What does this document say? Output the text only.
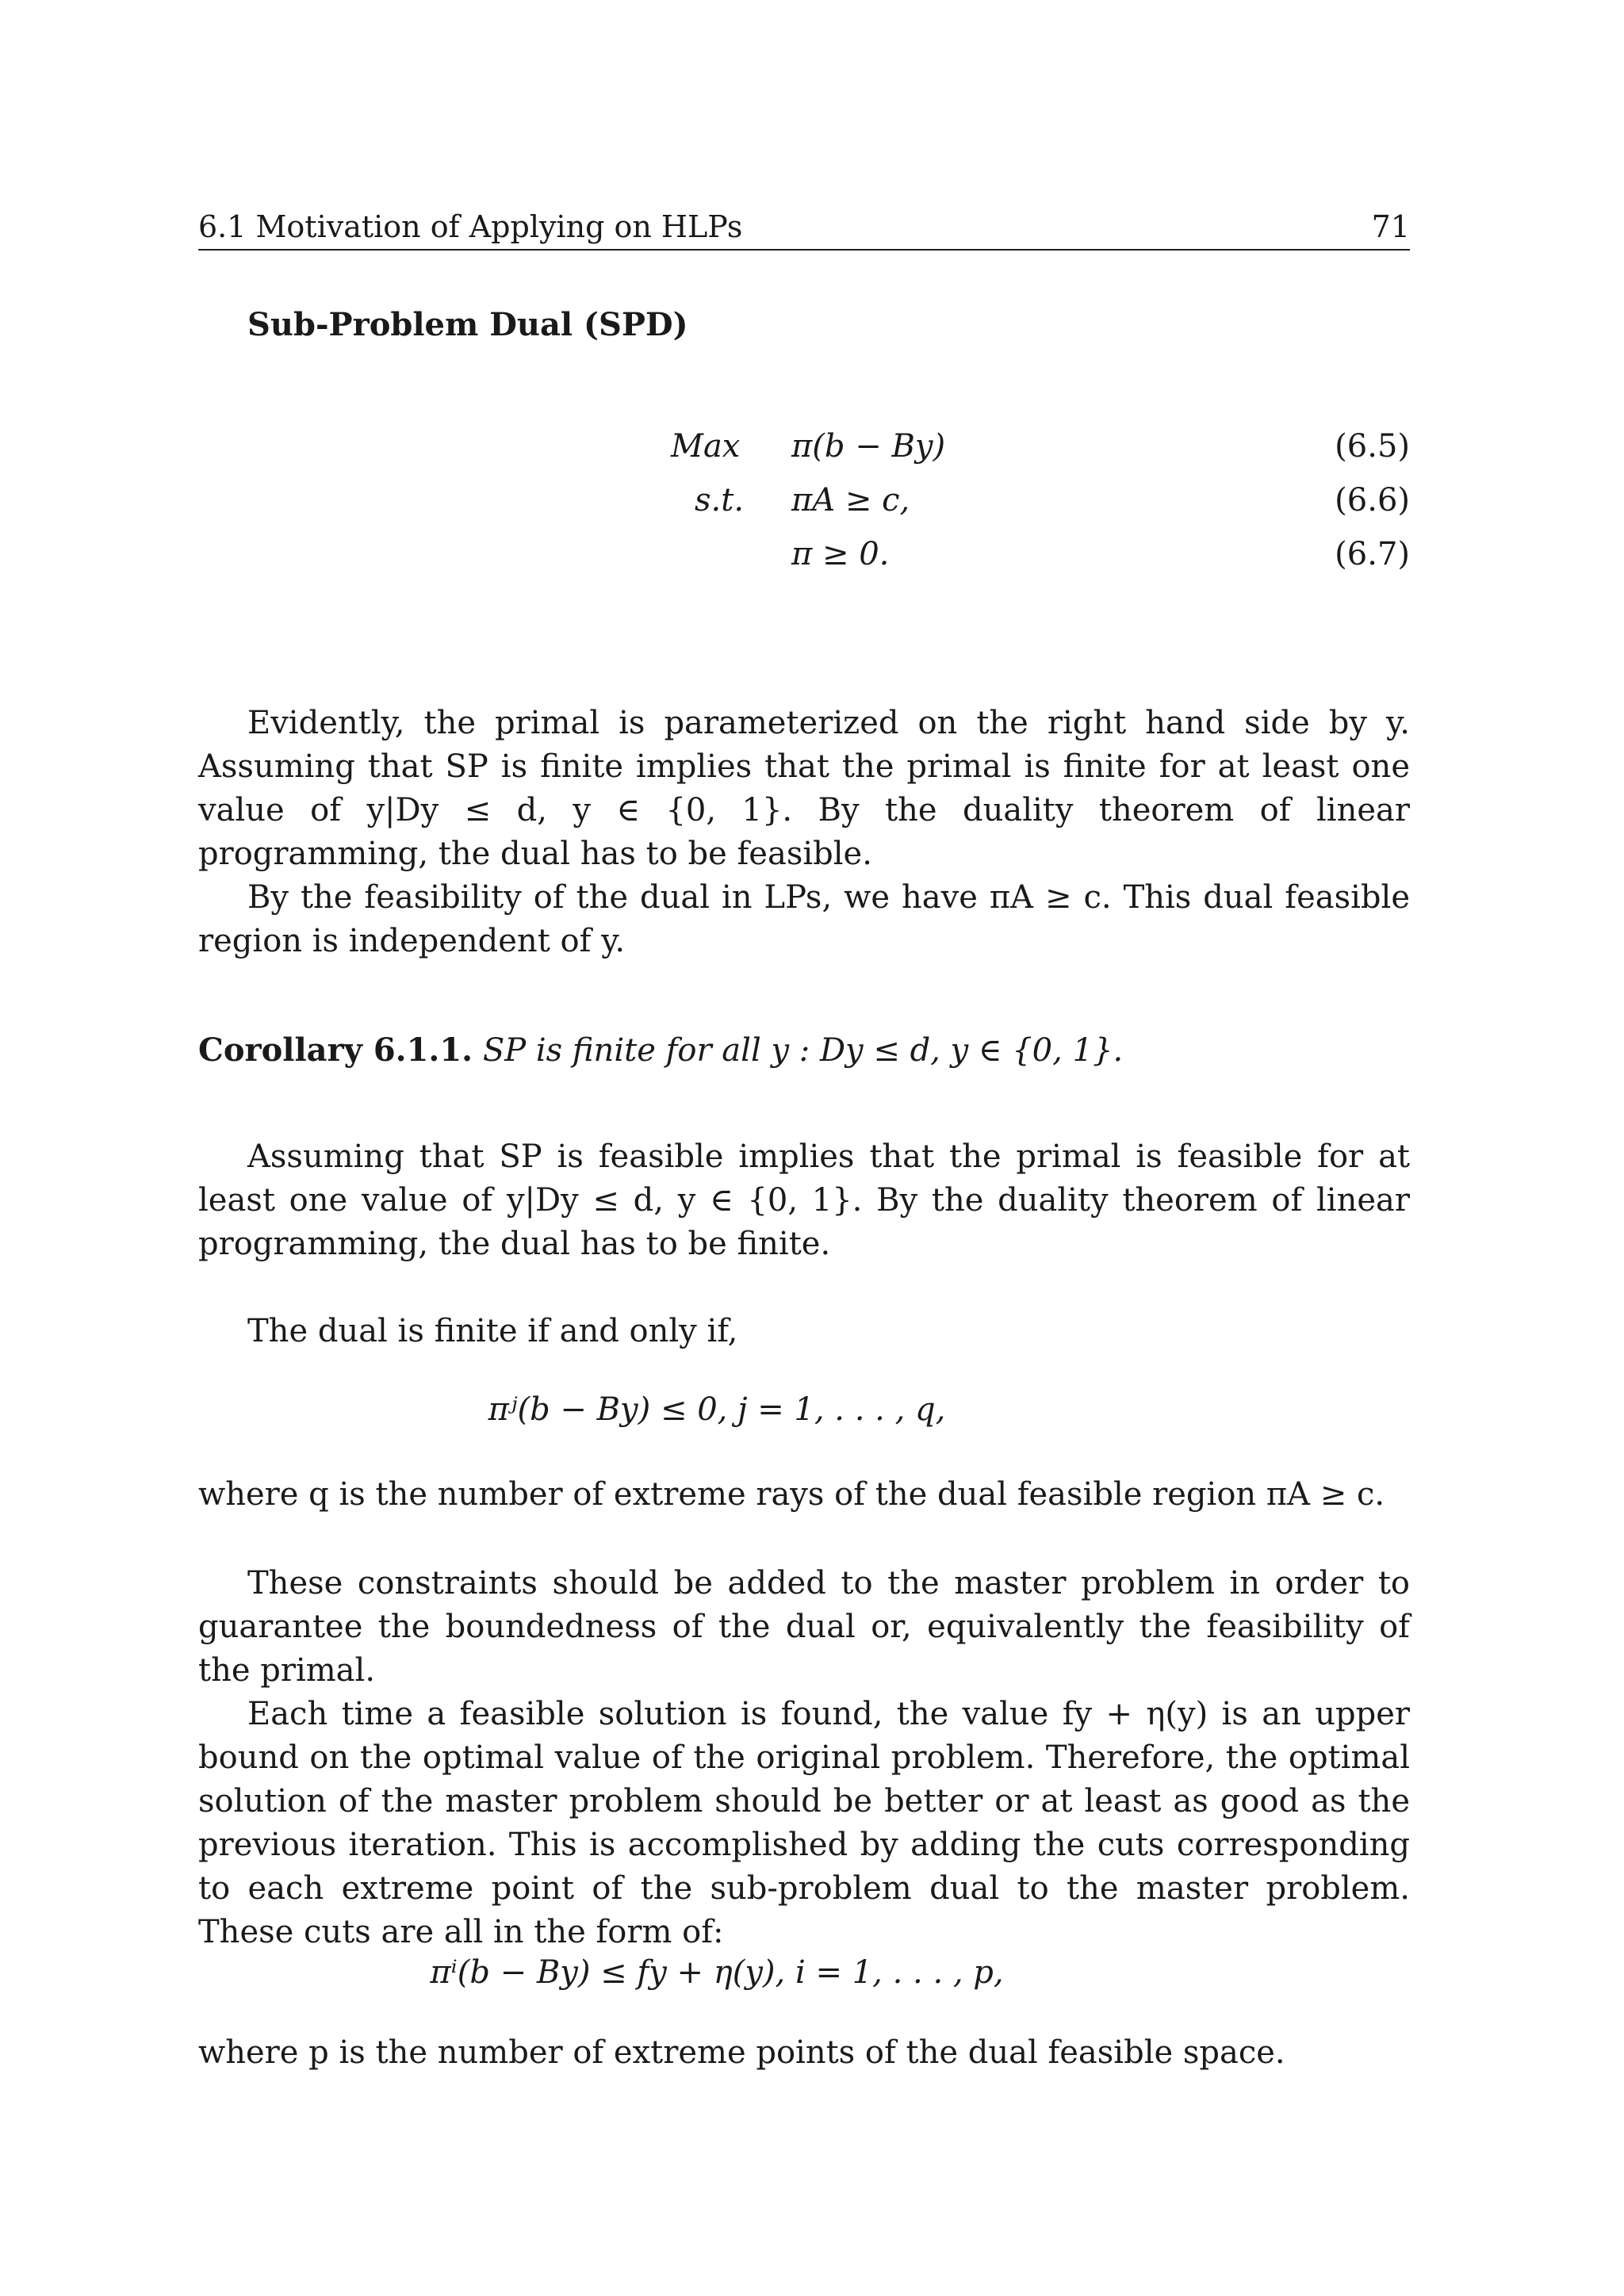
6.1 Motivation of Applying on HLPs	71
Sub-Problem Dual (SPD)
Max π(b − By)	(6.5)
s.t. πA ≥ c,	(6.6)
π ≥ 0.	(6.7)

Evidently, the primal is parameterized on the right hand side by y. Assuming that SP is finite implies that the primal is finite for at least one value of y|Dy ≤ d, y ∈ {0, 1}. By the duality theorem of linear programming, the dual has to be feasible.

By the feasibility of the dual in LPs, we have πA ≥ c. This dual feasible region is independent of y.

Corollary 6.1.1. SP is finite for all y : Dy ≤ d, y ∈ {0, 1}.

Assuming that SP is feasible implies that the primal is feasible for at least one value of y|Dy ≤ d, y ∈ {0, 1}. By the duality theorem of linear programming, the dual has to be finite.

The dual is finite if and only if,

πʲ(b − By) ≤ 0, j = 1, . . . , q,

where q is the number of extreme rays of the dual feasible region πA ≥ c.

These constraints should be added to the master problem in order to guarantee the boundedness of the dual or, equivalently the feasibility of the primal.

Each time a feasible solution is found, the value fy + η(y) is an upper bound on the optimal value of the original problem. Therefore, the optimal solution of the master problem should be better or at least as good as the previous iteration. This is accomplished by adding the cuts corresponding to each extreme point of the sub-problem dual to the master problem. These cuts are all in the form of:

πⁱ(b − By) ≤ fy + η(y), i = 1, . . . , p,

where p is the number of extreme points of the dual feasible space.
